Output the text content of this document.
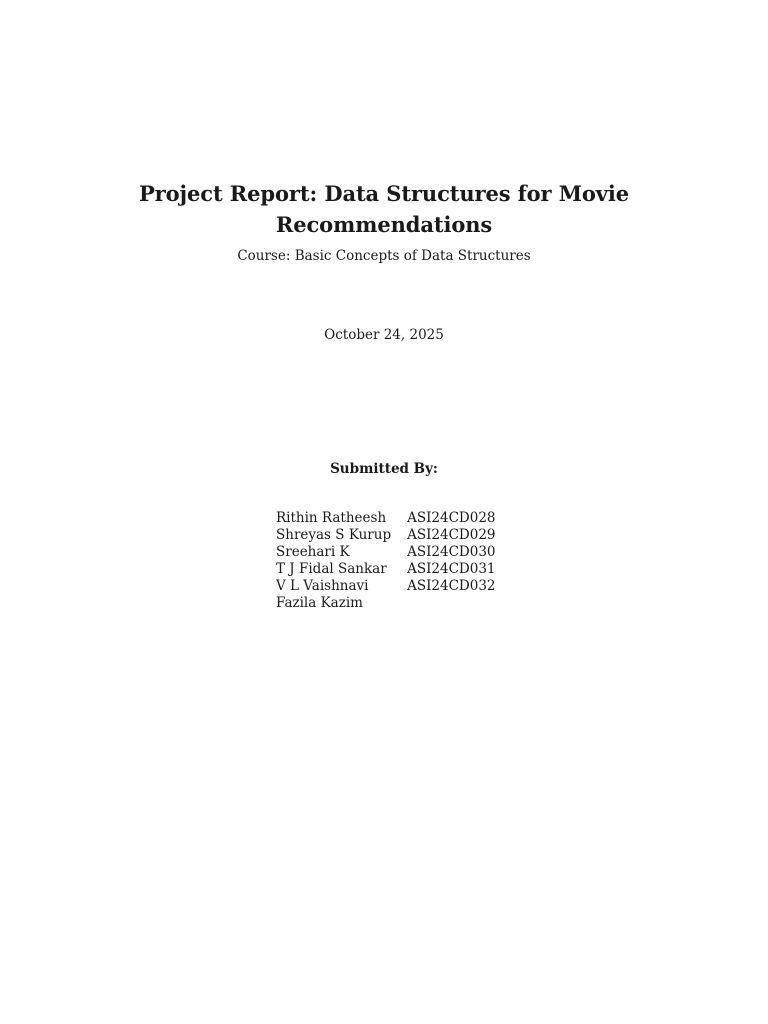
Project Report: Data Structures for Movie
Recommendations

Course: Basic Concepts of Data Structures

October 24, 2025

Submitted By:

Rithin Ratheesh	ASI24CD028
Shreyas S Kurup	ASI24CD029
Sreehari K	ASI24CD030
T J Fidal Sankar	ASI24CD031
V L Vaishnavi	ASI24CD032
Fazila Kazim	
